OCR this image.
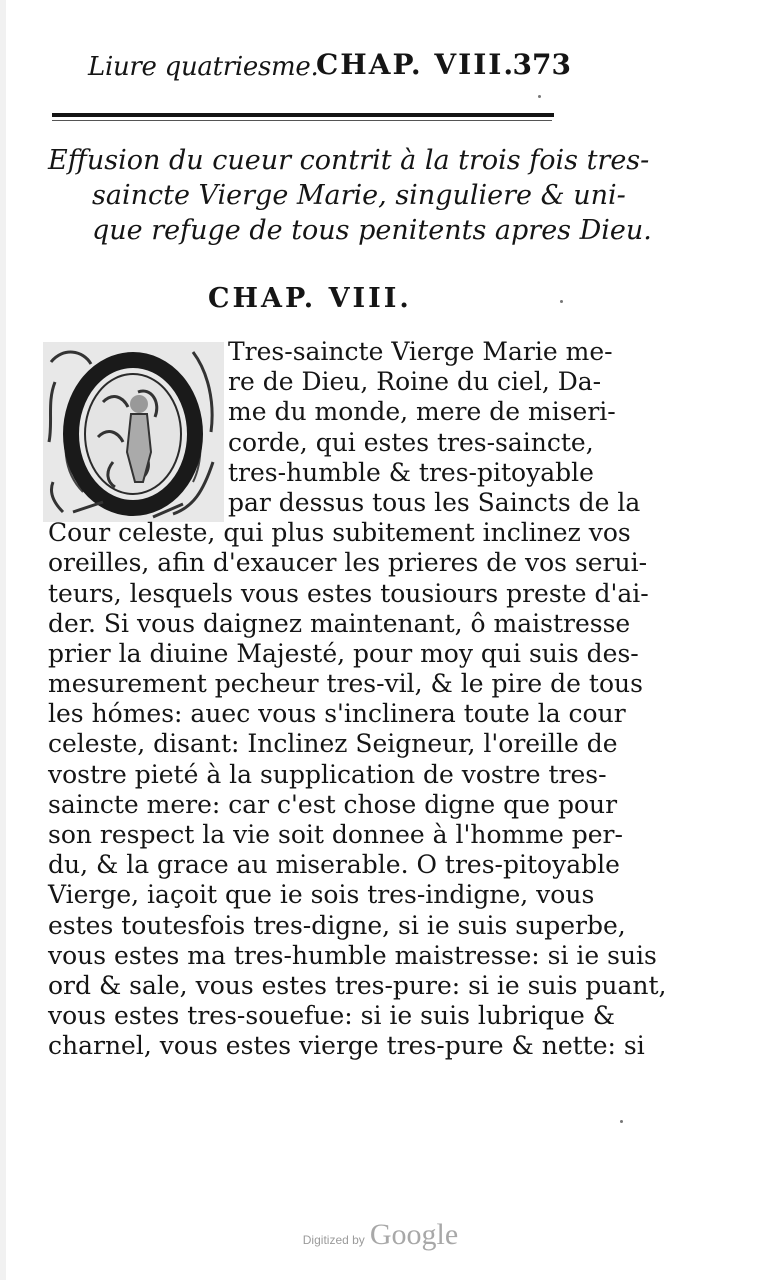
Liure quatriesme.
CHAP. VIII.
373
Effusion du cueur contrit à la trois fois tres-
saincte Vierge Marie, singuliere & uni-
que refuge de tous penitents apres Dieu.
CHAP. VIII.
Tres-saincte Vierge Marie me-
re de Dieu, Roine du ciel, Da-
me du monde, mere de miseri-
corde, qui estes tres-saincte,
tres-humble & tres-pitoyable
par dessus tous les Saincts de la
Cour celeste, qui plus subitement inclinez vos
oreilles, afin d'exaucer les prieres de vos serui-
teurs, lesquels vous estes tousiours preste d'ai-
der. Si vous daignez maintenant, ô maistresse
prier la diuine Majesté, pour moy qui suis des-
mesurement pecheur tres-vil, & le pire de tous
les hómes: auec vous s'inclinera toute la cour
celeste, disant: Inclinez Seigneur, l'oreille de
vostre pieté à la supplication de vostre tres-
saincte mere: car c'est chose digne que pour
son respect la vie soit donnee à l'homme per-
du, & la grace au miserable. O tres-pitoyable
Vierge, iaçoit que ie sois tres-indigne, vous
estes toutesfois tres-digne, si ie suis superbe,
vous estes ma tres-humble maistresse: si ie suis
ord & sale, vous estes tres-pure: si ie suis puant,
vous estes tres-souefue: si ie suis lubrique &
charnel, vous estes vierge tres-pure & nette: si
Digitized by Google
